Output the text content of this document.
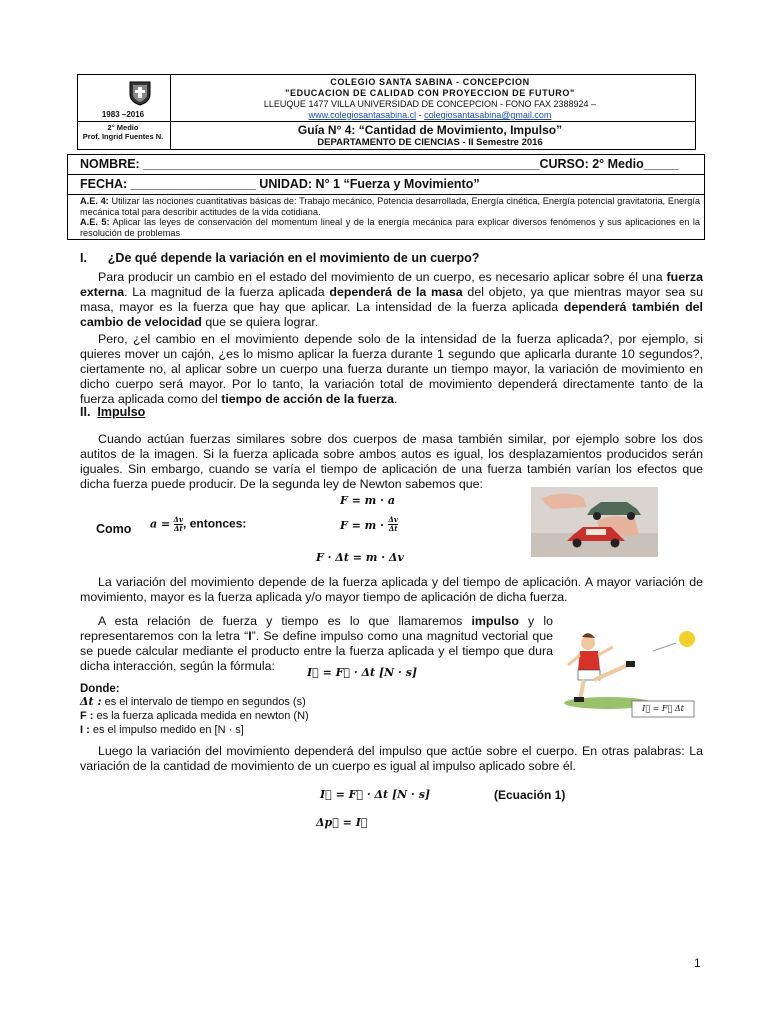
1983 –2016
2° Medio
Prof. Ingrid Fuentes N.
COLEGIO SANTA SABINA - CONCEPCION
"EDUCACION DE CALIDAD CON PROYECCION DE FUTURO"
LLEUQUE 1477 VILLA UNIVERSIDAD DE CONCEPCION - FONO FAX 2388924 –
www.colegiosantasabina.cl - colegiosantasabina@gmail.com
Guía N° 4: “Cantidad de Movimiento, Impulso”
DEPARTAMENTO DE CIENCIAS - II Semestre 2016
NOMBRE: _________________________________________________________CURSO: 2° Medio_____
FECHA: __________________ UNIDAD: N° 1 “Fuerza y Movimiento”
A.E. 4: Utilizar las nociones cuantitativas básicas de: Trabajo mecánico, Potencia desarrollada, Energía cinética, Energía potencial gravitatoria, Energía mecánica total para describir actitudes de la vida cotidiana.
A.E. 5: Aplicar las leyes de conservación del momentum lineal y de la energía mecánica para explicar diversos fenómenos y sus aplicaciones en la resolución de problemas
I.      ¿De qué depende la variación en el movimiento de un cuerpo?

Para producir un cambio en el estado del movimiento de un cuerpo, es necesario aplicar sobre él una fuerza externa. La magnitud de la fuerza aplicada dependerá de la masa del objeto, ya que mientras mayor sea su masa, mayor es la fuerza que hay que aplicar. La intensidad de la fuerza aplicada dependerá también del cambio de velocidad que se quiera lograr.

Pero, ¿el cambio en el movimiento depende solo de la intensidad de la fuerza aplicada?, por ejemplo, si quieres mover un cajón, ¿es lo mismo aplicar la fuerza durante 1 segundo que aplicarla durante 10 segundos?, ciertamente no, al aplicar sobre un cuerpo una fuerza durante un tiempo mayor, la variación de movimiento en dicho cuerpo será mayor. Por lo tanto, la variación total de movimiento dependerá directamente tanto de la fuerza aplicada como del tiempo de acción de la fuerza.

II. Impulso

Cuando actúan fuerzas similares sobre dos cuerpos de masa también similar, por ejemplo sobre los dos autitos de la imagen. Si la fuerza aplicada sobre ambos autos es igual, los desplazamientos producidos serán iguales. Sin embargo, cuando se varía el tiempo de aplicación de una fuerza también varían los efectos que dicha fuerza puede producir. De la segunda ley de Newton sabemos que:

F = m · a
Como $a = \frac{\Delta v}{\Delta t}$ , entonces:	$F = m \cdot \frac{\Delta v}{\Delta t}$
F · Δt = m · Δv

La variación del movimiento depende de la fuerza aplicada y del tiempo de aplicación. A mayor variación de movimiento, mayor es la fuerza aplicada y/o mayor tiempo de aplicación de dicha fuerza.

A esta relación de fuerza y tiempo es lo que llamaremos impulso y lo representaremos con la letra “I”. Se define impulso como una magnitud vectorial que se puede calcular mediante el producto entre la fuerza aplicada y el tiempo que dura dicha interacción, según la fórmula:	I⃗ = F⃗ · Δt [N · s]
I⃗ = F⃗ Δt
Donde:
Δt : es el intervalo de tiempo en segundos (s)
F : es la fuerza aplicada medida en newton (N)
I : es el impulso medido en [N · s]

Luego la variación del movimiento dependerá del impulso que actúe sobre el cuerpo. En otras palabras: La variación de la cantidad de movimiento de un cuerpo es igual al impulso aplicado sobre él.

I⃗ = F⃗ · Δt [N · s]	(Ecuación 1)
Δp⃗ = I⃗
1
